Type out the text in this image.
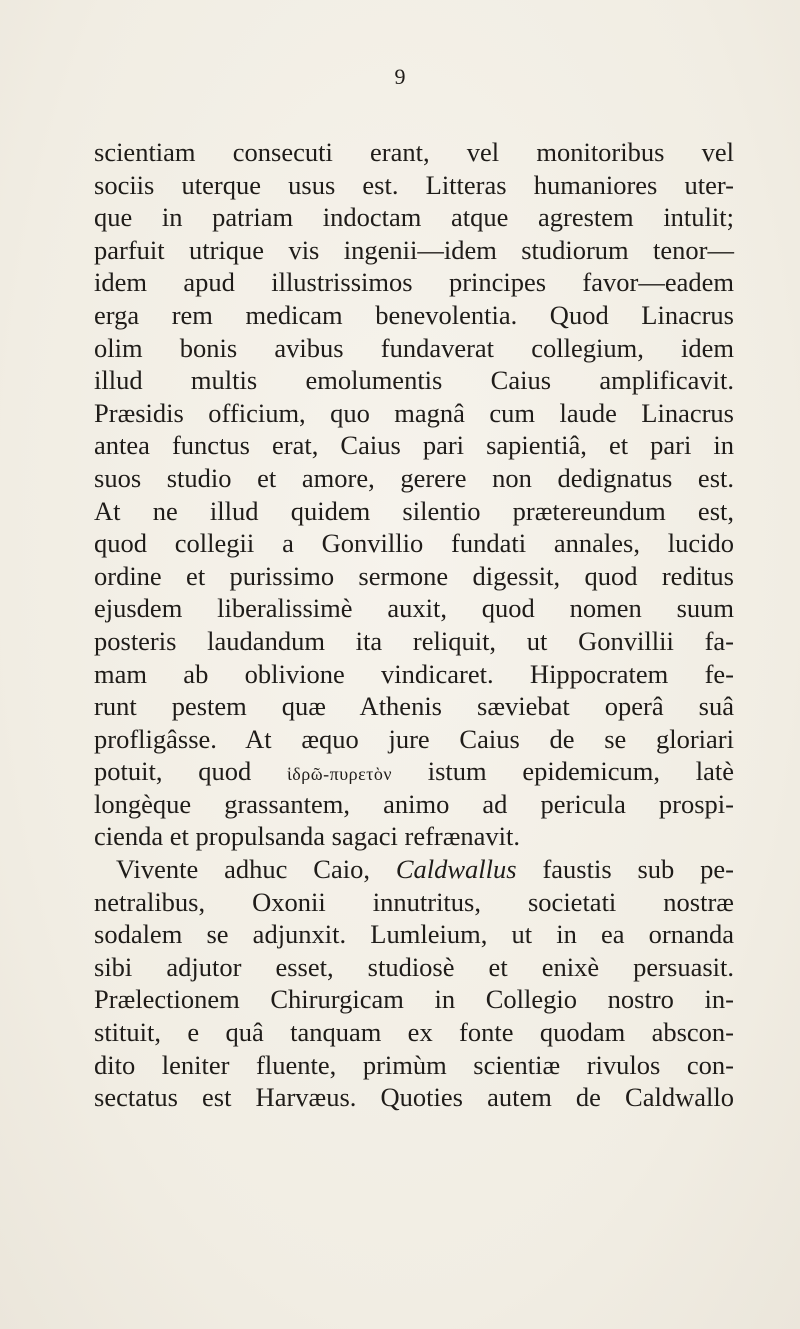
9
scientiam consecuti erant, vel monitoribus vel
sociis uterque usus est. Litteras humaniores uter-
que in patriam indoctam atque agrestem intulit;
parfuit utrique vis ingenii—idem studiorum tenor—
idem apud illustrissimos principes favor—eadem
erga rem medicam benevolentia. Quod Linacrus
olim bonis avibus fundaverat collegium, idem
illud multis emolumentis Caius amplificavit.
Præsidis officium, quo magnâ cum laude Linacrus
antea functus erat, Caius pari sapientiâ, et pari in
suos studio et amore, gerere non dedignatus est.
At ne illud quidem silentio prætereundum est,
quod collegii a Gonvillio fundati annales, lucido
ordine et purissimo sermone digessit, quod reditus
ejusdem liberalissimè auxit, quod nomen suum
posteris laudandum ita reliquit, ut Gonvillii fa-
mam ab oblivione vindicaret. Hippocratem fe-
runt pestem quæ Athenis sæviebat operâ suâ
profligâsse. At æquo jure Caius de se gloriari
potuit, quod ἱδρῶ-πυρετὸν istum epidemicum, latè
longèque grassantem, animo ad pericula prospi-
cienda et propulsanda sagaci refrænavit.
Vivente adhuc Caio, Caldwallus faustis sub pe-
netralibus, Oxonii innutritus, societati nostræ
sodalem se adjunxit. Lumleium, ut in ea ornanda
sibi adjutor esset, studiosè et enixè persuasit.
Prælectionem Chirurgicam in Collegio nostro in-
stituit, e quâ tanquam ex fonte quodam abscon-
dito leniter fluente, primùm scientiæ rivulos con-
sectatus est Harvæus. Quoties autem de Caldwallo
